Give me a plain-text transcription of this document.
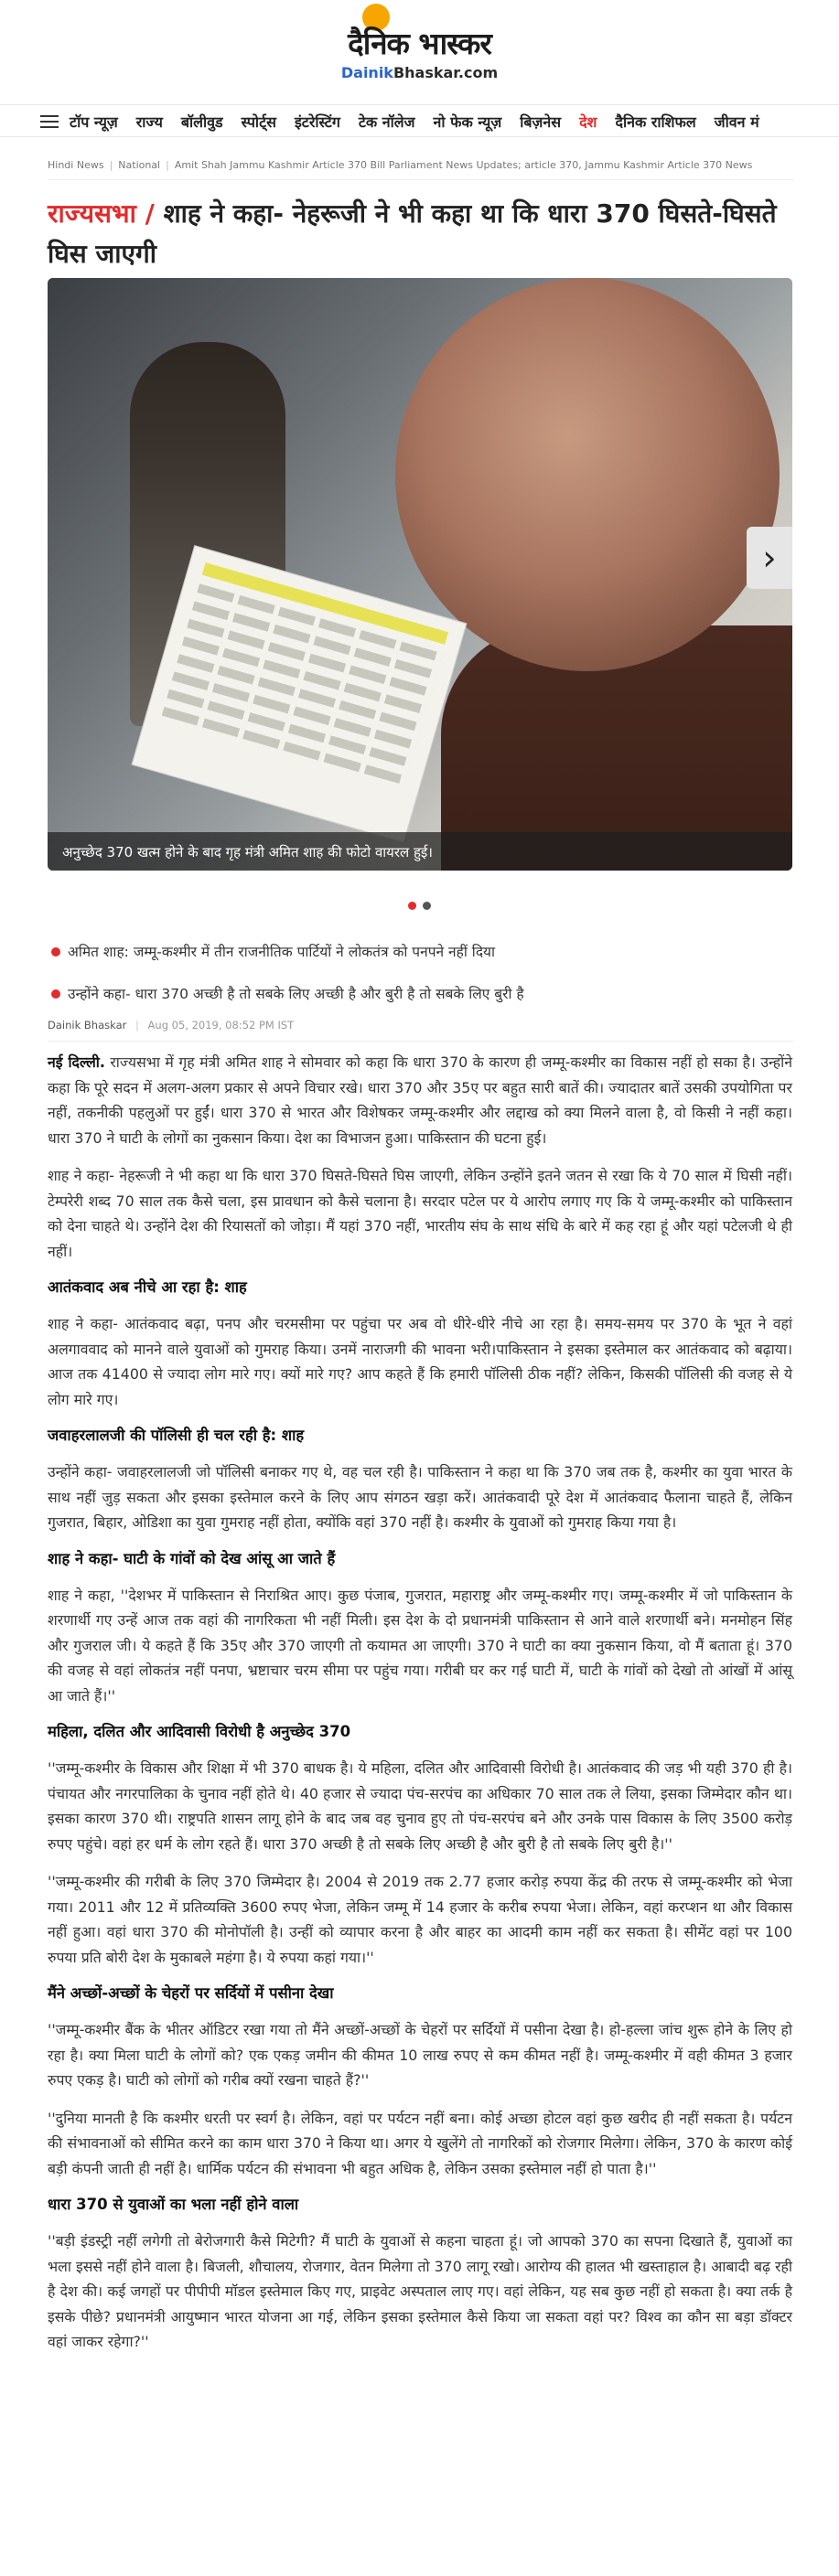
दैनिक भास्कर
DainikBhaskar.com
टॉप न्यूज़ राज्य बॉलीवुड स्पोर्ट्स इंटरेस्टिंग टेक नॉलेज नो फेक न्यूज़ बिज़नेस देश दैनिक राशिफल जीवन मं
Hindi News | National | Amit Shah Jammu Kashmir Article 370 Bill Parliament News Updates; article 370, Jammu Kashmir Article 370 News
राज्यसभा / शाह ने कहा- नेहरूजी ने भी कहा था कि धारा 370 घिसते-घिसते घिस जाएगी
›
अनुच्छेद 370 खत्म होने के बाद गृह मंत्री अमित शाह की फोटो वायरल हुई।
अमित शाह: जम्मू-कश्मीर में तीन राजनीतिक पार्टियों ने लोकतंत्र को पनपने नहीं दिया
उन्होंने कहा- धारा 370 अच्छी है तो सबके लिए अच्छी है और बुरी है तो सबके लिए बुरी है
Dainik Bhaskar | Aug 05, 2019, 08:52 PM IST

नई दिल्ली. राज्यसभा में गृह मंत्री अमित शाह ने सोमवार को कहा कि धारा 370 के कारण ही जम्मू-कश्मीर का विकास नहीं हो सका है। उन्होंने कहा कि पूरे सदन में अलग-अलग प्रकार से अपने विचार रखे। धारा 370 और 35ए पर बहुत सारी बातें की। ज्यादातर बातें उसकी उपयोगिता पर नहीं, तकनीकी पहलुओं पर हुईं। धारा 370 से भारत और विशेषकर जम्मू-कश्मीर और लद्दाख को क्या मिलने वाला है, वो किसी ने नहीं कहा। धारा 370 ने घाटी के लोगों का नुकसान किया। देश का विभाजन हुआ। पाकिस्तान की घटना हुई।

शाह ने कहा- नेहरूजी ने भी कहा था कि धारा 370 घिसते-घिसते घिस जाएगी, लेकिन उन्होंने इतने जतन से रखा कि ये 70 साल में घिसी नहीं। टेम्परेरी शब्द 70 साल तक कैसे चला, इस प्रावधान को कैसे चलाना है। सरदार पटेल पर ये आरोप लगाए गए कि ये जम्मू-कश्मीर को पाकिस्तान को देना चाहते थे। उन्होंने देश की रियासतों को जोड़ा। मैं यहां 370 नहीं, भारतीय संघ के साथ संधि के बारे में कह रहा हूं और यहां पटेलजी थे ही नहीं।

आतंकवाद अब नीचे आ रहा है: शाह

शाह ने कहा- आतंकवाद बढ़ा, पनप और चरमसीमा पर पहुंचा पर अब वो धीरे-धीरे नीचे आ रहा है। समय-समय पर 370 के भूत ने वहां अलगाववाद को मानने वाले युवाओं को गुमराह किया। उनमें नाराजगी की भावना भरी।पाकिस्तान ने इसका इस्तेमाल कर आतंकवाद को बढ़ाया। आज तक 41400 से ज्यादा लोग मारे गए। क्यों मारे गए? आप कहते हैं कि हमारी पॉलिसी ठीक नहीं? लेकिन, किसकी पॉलिसी की वजह से ये लोग मारे गए।

जवाहरलालजी की पॉलिसी ही चल रही है: शाह

उन्होंने कहा- जवाहरलालजी जो पॉलिसी बनाकर गए थे, वह चल रही है। पाकिस्तान ने कहा था कि 370 जब तक है, कश्मीर का युवा भारत के साथ नहीं जुड़ सकता और इसका इस्तेमाल करने के लिए आप संगठन खड़ा करें। आतंकवादी पूरे देश में आतंकवाद फैलाना चाहते हैं, लेकिन गुजरात, बिहार, ओडिशा का युवा गुमराह नहीं होता, क्योंकि वहां 370 नहीं है। कश्मीर के युवाओं को गुमराह किया गया है।

शाह ने कहा- घाटी के गांवों को देख आंसू आ जाते हैं

शाह ने कहा, ''देशभर में पाकिस्तान से निराश्रित आए। कुछ पंजाब, गुजरात, महाराष्ट्र और जम्मू-कश्मीर गए। जम्मू-कश्मीर में जो पाकिस्तान के शरणार्थी गए उन्हें आज तक वहां की नागरिकता भी नहीं मिली। इस देश के दो प्रधानमंत्री पाकिस्तान से आने वाले शरणार्थी बने। मनमोहन सिंह और गुजराल जी। ये कहते हैं कि 35ए और 370 जाएगी तो कयामत आ जाएगी। 370 ने घाटी का क्या नुकसान किया, वो मैं बताता हूं। 370 की वजह से वहां लोकतंत्र नहीं पनपा, भ्रष्टाचार चरम सीमा पर पहुंच गया। गरीबी घर कर गई घाटी में, घाटी के गांवों को देखो तो आंखों में आंसू आ जाते हैं।''

महिला, दलित और आदिवासी विरोधी है अनुच्छेद 370

''जम्मू-कश्मीर के विकास और शिक्षा में भी 370 बाधक है। ये महिला, दलित और आदिवासी विरोधी है। आतंकवाद की जड़ भी यही 370 ही है। पंचायत और नगरपालिका के चुनाव नहीं होते थे। 40 हजार से ज्यादा पंच-सरपंच का अधिकार 70 साल तक ले लिया, इसका जिम्मेदार कौन था। इसका कारण 370 थी। राष्ट्रपति शासन लागू होने के बाद जब वह चुनाव हुए तो पंच-सरपंच बने और उनके पास विकास के लिए 3500 करोड़ रुपए पहुंचे। वहां हर धर्म के लोग रहते हैं। धारा 370 अच्छी है तो सबके लिए अच्छी है और बुरी है तो सबके लिए बुरी है।''

''जम्मू-कश्मीर की गरीबी के लिए 370 जिम्मेदार है। 2004 से 2019 तक 2.77 हजार करोड़ रुपया केंद्र की तरफ से जम्मू-कश्मीर को भेजा गया। 2011 और 12 में प्रतिव्यक्ति 3600 रुपए भेजा, लेकिन जम्मू में 14 हजार के करीब रुपया भेजा। लेकिन, वहां करप्शन था और विकास नहीं हुआ। वहां धारा 370 की मोनोपॉली है। उन्हीं को व्यापार करना है और बाहर का आदमी काम नहीं कर सकता है। सीमेंट वहां पर 100 रुपया प्रति बोरी देश के मुकाबले महंगा है। ये रुपया कहां गया।''

मैंने अच्छों-अच्छों के चेहरों पर सर्दियों में पसीना देखा

''जम्मू-कश्मीर बैंक के भीतर ऑडिटर रखा गया तो मैंने अच्छों-अच्छों के चेहरों पर सर्दियों में पसीना देखा है। हो-हल्ला जांच शुरू होने के लिए हो रहा है। क्या मिला घाटी के लोगों को? एक एकड़ जमीन की कीमत 10 लाख रुपए से कम कीमत नहीं है। जम्मू-कश्मीर में वही कीमत 3 हजार रुपए एकड़ है। घाटी को लोगों को गरीब क्यों रखना चाहते हैं?''

''दुनिया मानती है कि कश्मीर धरती पर स्वर्ग है। लेकिन, वहां पर पर्यटन नहीं बना। कोई अच्छा होटल वहां कुछ खरीद ही नहीं सकता है। पर्यटन की संभावनाओं को सीमित करने का काम धारा 370 ने किया था। अगर ये खुलेंगे तो नागरिकों को रोजगार मिलेगा। लेकिन, 370 के कारण कोई बड़ी कंपनी जाती ही नहीं है। धार्मिक पर्यटन की संभावना भी बहुत अधिक है, लेकिन उसका इस्तेमाल नहीं हो पाता है।''

धारा 370 से युवाओं का भला नहीं होने वाला

''बड़ी इंडस्ट्री नहीं लगेगी तो बेरोजगारी कैसे मिटेगी? मैं घाटी के युवाओं से कहना चाहता हूं। जो आपको 370 का सपना दिखाते हैं, युवाओं का भला इससे नहीं होने वाला है। बिजली, शौचालय, रोजगार, वेतन मिलेगा तो 370 लागू रखो। आरोग्य की हालत भी खस्ताहाल है। आबादी बढ़ रही है देश की। कई जगहों पर पीपीपी मॉडल इस्तेमाल किए गए, प्राइवेट अस्पताल लाए गए। वहां लेकिन, यह सब कुछ नहीं हो सकता है। क्या तर्क है इसके पीछे? प्रधानमंत्री आयुष्मान भारत योजना आ गई, लेकिन इसका इस्तेमाल कैसे किया जा सकता वहां पर? विश्व का कौन सा बड़ा डॉक्टर वहां जाकर रहेगा?''
